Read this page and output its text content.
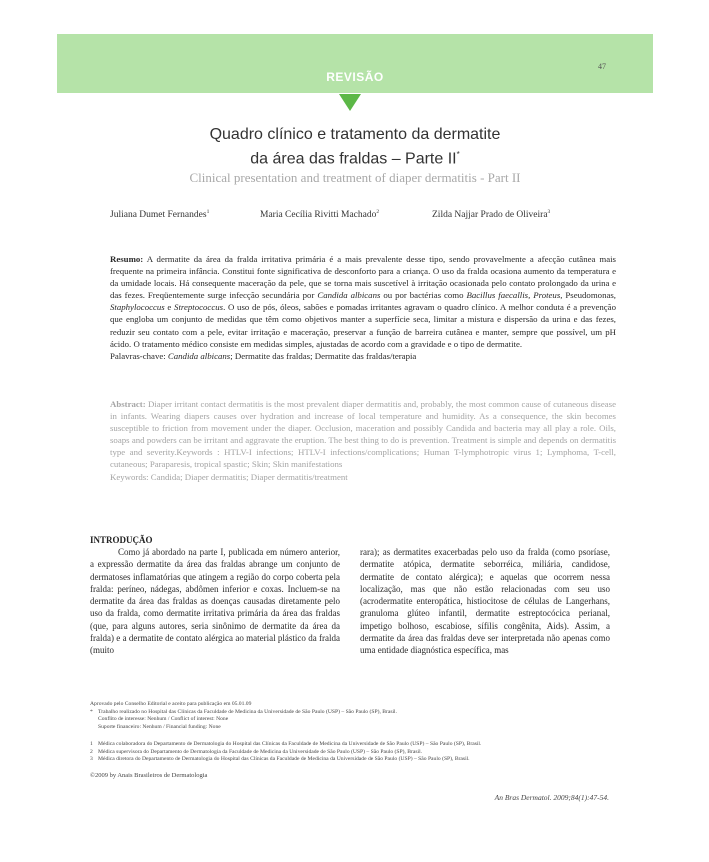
REVISÃO
47
Quadro clínico e tratamento da dermatite
da área das fraldas – Parte II*
Clinical presentation and treatment of diaper dermatitis - Part II
Juliana Dumet Fernandes$^1$	Maria Cecília Rivitti Machado$^2$	Zilda Najjar Prado de Oliveira$^3$
Resumo: A dermatite da área da fralda irritativa primária é a mais prevalente desse tipo, sendo provavelmente a afecção cutânea mais frequente na primeira infância. Constitui fonte significativa de desconforto para a criança. O uso da fralda ocasiona aumento da temperatura e da umidade locais. Há consequente maceração da pele, que se torna mais suscetível à irritação ocasionada pelo contato prolongado da urina e das fezes. Freqüentemente surge infecção secundária por Candida albicans ou por bactérias como Bacillus faecallis, Proteus, Pseudomonas, Staphylococcus e Streptococcus. O uso de pós, óleos, sabões e pomadas irritantes agravam o quadro clínico. A melhor conduta é a prevenção que engloba um conjunto de medidas que têm como objetivos manter a superfície seca, limitar a mistura e dispersão da urina e das fezes, reduzir seu contato com a pele, evitar irritação e maceração, preservar a função de barreira cutânea e manter, sempre que possível, um pH ácido. O tratamento médico consiste em medidas simples, ajustadas de acordo com a gravidade e o tipo de dermatite.
Palavras-chave: Candida albicans; Dermatite das fraldas; Dermatite das fraldas/terapia
Abstract: Diaper irritant contact dermatitis is the most prevalent diaper dermatitis and, probably, the most common cause of cutaneous disease in infants. Wearing diapers causes over hydration and increase of local temperature and humidity. As a consequence, the skin becomes susceptible to friction from movement under the diaper. Occlusion, maceration and possibly Candida and bacteria may all play a role. Oils, soaps and powders can be irritant and aggravate the eruption. The best thing to do is prevention. Treatment is simple and depends on dermatitis type and severity.Keywords : HTLV-I infections; HTLV-I infections/complications; Human T-lymphotropic virus 1; Lymphoma, T-cell, cutaneous; Paraparesis, tropical spastic; Skin; Skin manifestations
Keywords: Candida; Diaper dermatitis; Diaper dermatitis/treatment
INTRODUÇÃO

Como já abordado na parte I, publicada em número anterior, a expressão dermatite da área das fraldas abrange um conjunto de dermatoses inflamatórias que atingem a região do corpo coberta pela fralda: períneo, nádegas, abdômen inferior e coxas. Incluem-se na dermatite da área das fraldas as doenças causadas diretamente pelo uso da fralda, como dermatite irritativa primária da área das fraldas (que, para alguns autores, seria sinônimo de dermatite da área da fralda) e a dermatite de contato alérgica ao material plástico da fralda (muito

rara); as dermatites exacerbadas pelo uso da fralda (como psoríase, dermatite atópica, dermatite seborréica, miliária, candidose, dermatite de contato alérgica); e aquelas que ocorrem nessa localização, mas que não estão relacionadas com seu uso (acrodermatite enteropática, histiocitose de células de Langerhans, granuloma glúteo infantil, dermatite estreptocócica perianal, impetigo bolhoso, escabiose, sífilis congênita, Aids). Assim, a dermatite da área das fraldas deve ser interpretada não apenas como uma entidade diagnóstica específica, mas

Aprovado pelo Conselho Editorial e aceito para publicação em 05.01.09
* Trabalho realizado no Hospital das Clínicas da Faculdade de Medicina da Universidade de São Paulo (USP) – São Paulo (SP), Brasil.
Conflito de interesse: Nenhum / Conflict of interest: None
Suporte financeiro: Nenhum / Financial funding: None
1 Médica colaboradora do Departamento de Dermatologia do Hospital das Clínicas da Faculdade de Medicina da Universidade de São Paulo (USP) – São Paulo (SP), Brasil.
2 Médica supervisora do Departamento de Dermatologia da Faculdade de Medicina da Universidade de São Paulo (USP) – São Paulo (SP), Brasil.
3 Médica diretora do Departamento de Dermatologia do Hospital das Clínicas da Faculdade de Medicina da Universidade de São Paulo (USP) – São Paulo (SP), Brasil.
©2009 by Anais Brasileiros de Dermatologia
An Bras Dermatol. 2009;84(1):47-54.
